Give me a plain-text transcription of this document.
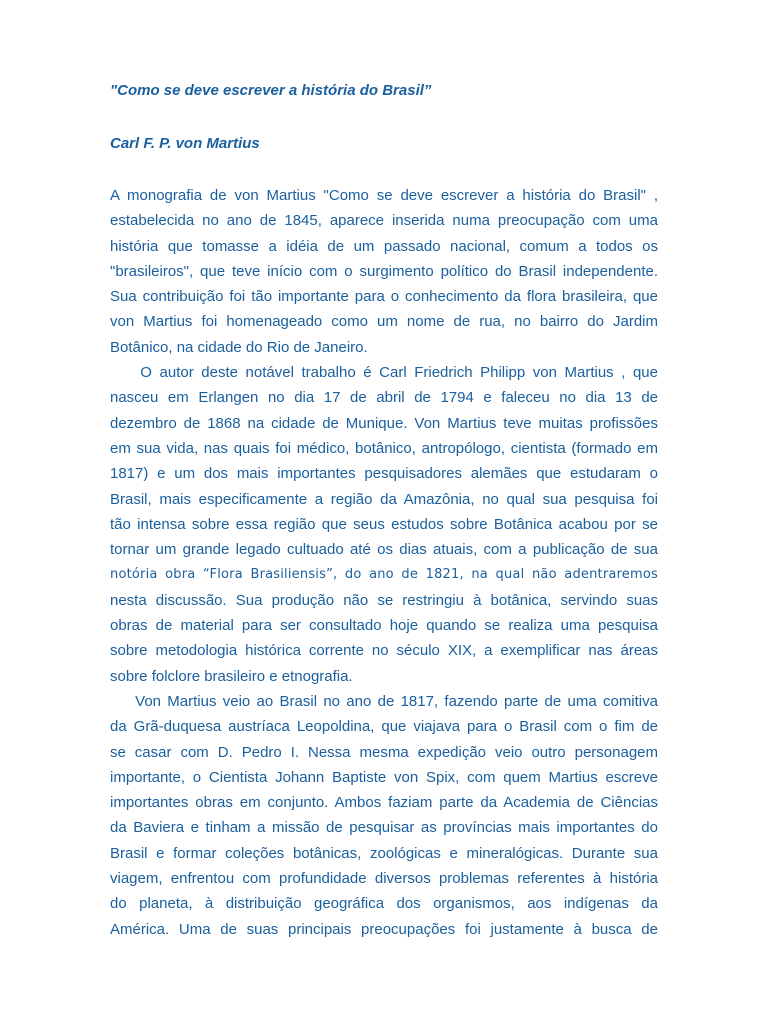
"Como se deve escrever a história do Brasil”

Carl F. P. von Martius

A monografia de von Martius "Como se deve escrever a história do Brasil" ,
estabelecida no ano de 1845, aparece inserida numa preocupação com uma
história que tomasse a idéia de um passado nacional, comum a todos os
"brasileiros", que teve início com o surgimento político do Brasil independente.
Sua contribuição foi tão importante para o conhecimento da flora brasileira, que
von Martius foi homenageado como um nome de rua, no bairro do Jardim
Botânico, na cidade do Rio de Janeiro.
O autor deste notável trabalho é Carl Friedrich Philipp von Martius , que
nasceu em Erlangen no dia 17 de abril de 1794 e faleceu no dia 13 de
dezembro de 1868 na cidade de Munique. Von Martius teve muitas profissões
em sua vida, nas quais foi médico, botânico, antropólogo, cientista (formado em
1817) e um dos mais importantes pesquisadores alemães que estudaram o
Brasil, mais especificamente a região da Amazônia, no qual sua pesquisa foi
tão intensa sobre essa região que seus estudos sobre Botânica acabou por se
tornar um grande legado cultuado até os dias atuais, com a publicação de sua
notória obra “Flora Brasiliensis”, do ano de 1821, na qual não adentraremos
nesta discussão. Sua produção não se restringiu à botânica, servindo suas
obras de material para ser consultado hoje quando se realiza uma pesquisa
sobre metodologia histórica corrente no século XIX, a exemplificar nas áreas
sobre folclore brasileiro e etnografia.
Von Martius veio ao Brasil no ano de 1817, fazendo parte de uma comitiva
da Grã-duquesa austríaca Leopoldina, que viajava para o Brasil com o fim de
se casar com D. Pedro I. Nessa mesma expedição veio outro personagem
importante, o Cientista Johann Baptiste von Spix, com quem Martius escreve
importantes obras em conjunto. Ambos faziam parte da Academia de Ciências
da Baviera e tinham a missão de pesquisar as províncias mais importantes do
Brasil e formar coleções botânicas, zoológicas e mineralógicas. Durante sua
viagem, enfrentou com profundidade diversos problemas referentes à história
do planeta, à distribuição geográfica dos organismos, aos indígenas da
América. Uma de suas principais preocupações foi justamente à busca de
